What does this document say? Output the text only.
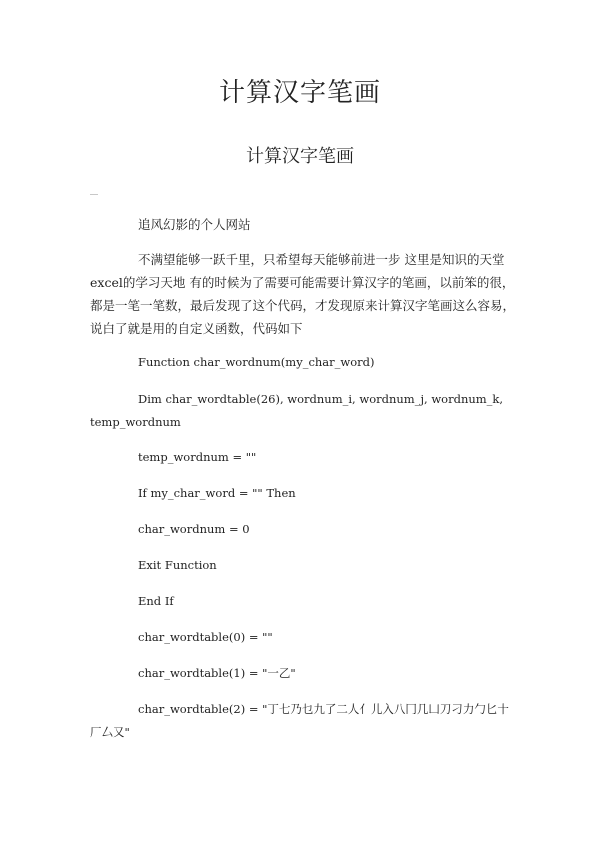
计算汉字笔画
计算汉字笔画

追风幻影的个人网站

不满望能够一跃千里，只希望每天能够前进一步 这里是知识的天堂 excel的学习天地 有的时候为了需要可能需要计算汉字的笔画，以前笨的很，都是一笔一笔数，最后发现了这个代码，才发现原来计算汉字笔画这么容易，说白了就是用的自定义函数，代码如下

Function char_wordnum(my_char_word)

Dim char_wordtable(26), wordnum_i, wordnum_j, wordnum_k, temp_wordnum

temp_wordnum = ""

If my_char_word = "" Then

char_wordnum = 0

Exit Function

End If

char_wordtable(0) = ""

char_wordtable(1) = "一乙"

char_wordtable(2) = "丁七乃乜九了二人亻儿入八冂几凵刀刁力勹匕十厂厶又"
